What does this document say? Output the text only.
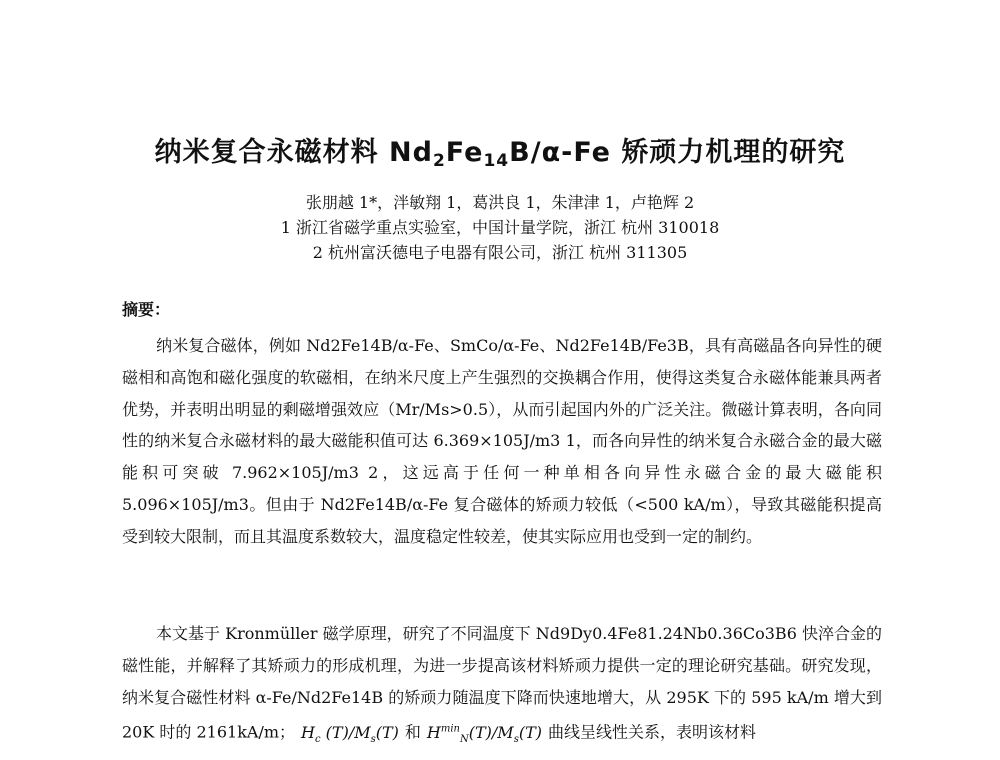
纳米复合永磁材料 $Nd_2Fe_{14}B/\alpha-Fe$ 矫顽力机理的研究
张朋越 1*，泮敏翔 1，葛洪良 1，朱津津 1，卢艳辉 2
1 浙江省磁学重点实验室，中国计量学院，浙江 杭州 310018
2 杭州富沃德电子电器有限公司，浙江 杭州 311305
摘要：
纳米复合磁体，例如 Nd2Fe14B/α-Fe、SmCo/α-Fe、Nd2Fe14B/Fe3B，具有高磁晶各向异性的硬磁相和高饱和磁化强度的软磁相，在纳米尺度上产生强烈的交换耦合作用，使得这类复合永磁体能兼具两者优势，并表明出明显的剩磁增强效应（Mr/Ms>0.5），从而引起国内外的广泛关注。微磁计算表明，各向同性的纳米复合永磁材料的最大磁能积值可达 6.369×105J/m3 1，而各向异性的纳米复合永磁合金的最大磁能积可突破 7.962×105J/m3 2，这远高于任何一种单相各向异性永磁合金的最大磁能积 5.096×105J/m3。但由于 Nd2Fe14B/α-Fe 复合磁体的矫顽力较低（<500 kA/m），导致其磁能积提高受到较大限制，而且其温度系数较大，温度稳定性较差，使其实际应用也受到一定的制约。
本文基于 Kronmüller 磁学原理，研究了不同温度下 Nd9Dy0.4Fe81.24Nb0.36Co3B6 快淬合金的磁性能，并解释了其矫顽力的形成机理，为进一步提高该材料矫顽力提供一定的理论研究基础。研究发现，纳米复合磁性材料 α-Fe/Nd2Fe14B 的矫顽力随温度下降而快速地增大，从 295K 下的 595 kA/m 增大到 20K 时的 2161kA/m； $H_c$ $(T)/M_s(T)$ 和 $H^{min}_N(T)/M_s(T)$ 曲线呈线性关系，表明该材料
